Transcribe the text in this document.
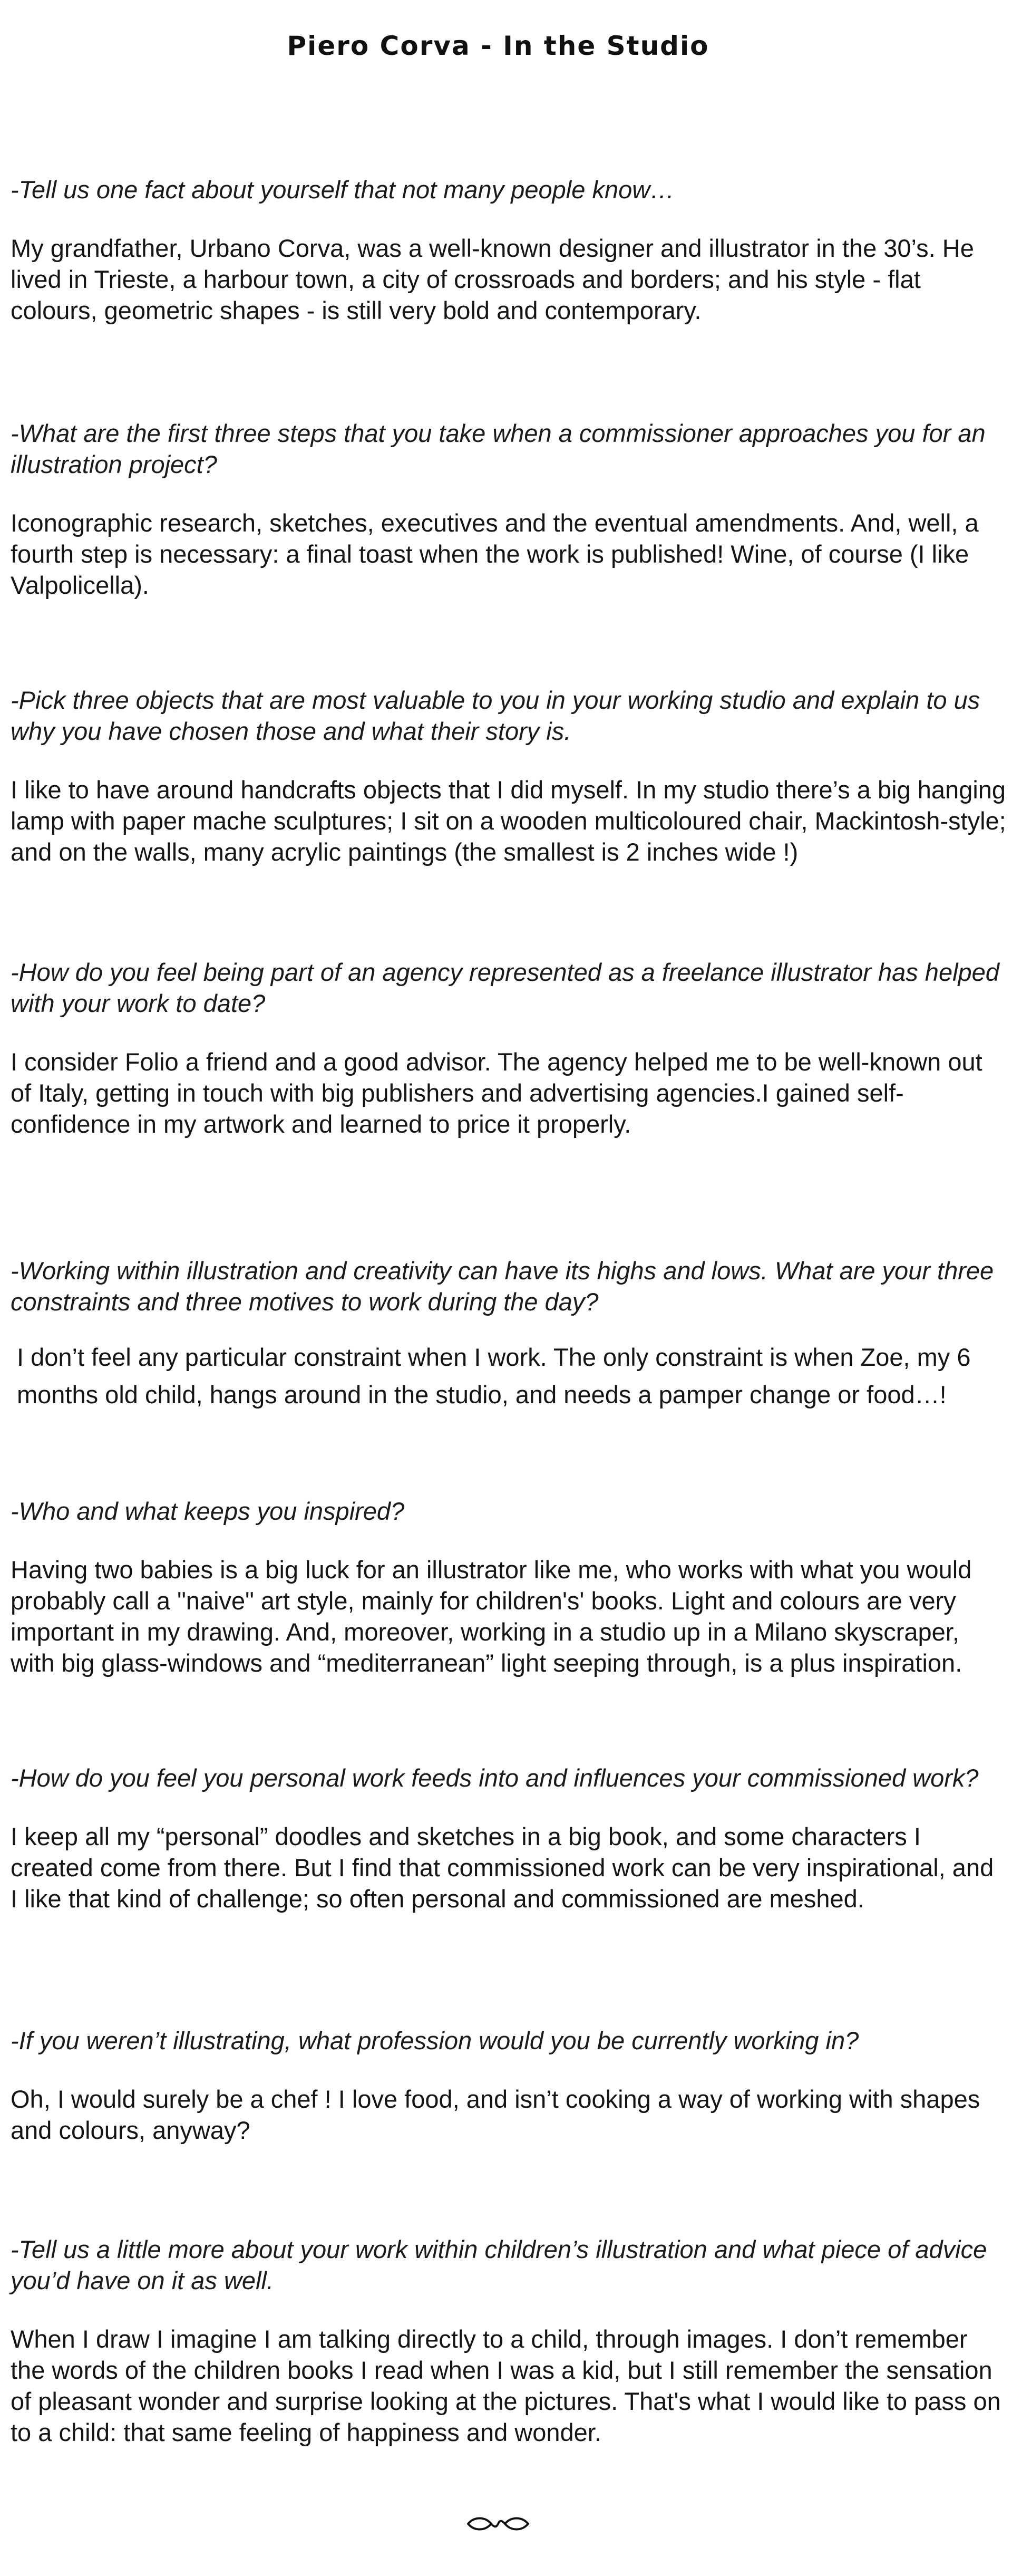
Piero Corva - In the Studio

-Tell us one fact about yourself that not many people know…

My grandfather, Urbano Corva, was a well-known designer and illustrator in the 30’s. He lived in Trieste, a harbour town, a city of crossroads and borders; and his style - flat colours, geometric shapes - is still very bold and contemporary.

-What are the first three steps that you take when a commissioner approaches you for an illustration project?

Iconographic research, sketches, executives and the eventual amendments. And, well, a fourth step is necessary: a final toast when the work is published! Wine, of course (I like Valpolicella).

-Pick three objects that are most valuable to you in your working studio and explain to us why you have chosen those and what their story is.

I like to have around handcrafts objects that I did myself. In my studio there’s a big hanging lamp with paper mache sculptures; I sit on a wooden multicoloured chair, Mackintosh-style; and on the walls, many acrylic paintings (the smallest is 2 inches wide !)

-How do you feel being part of an agency represented as a freelance illustrator has helped with your work to date?

I consider Folio a friend and a good advisor. The agency helped me to be well-known out of Italy, getting in touch with big publishers and advertising agencies.I gained self-confidence in my artwork and learned to price it properly.

-Working within illustration and creativity can have its highs and lows. What are your three constraints and three motives to work during the day?

I don’t feel any particular constraint when I work. The only constraint is when Zoe, my 6 months old child, hangs around in the studio, and needs a pamper change or food…!

-Who and what keeps you inspired?

Having two babies is a big luck for an illustrator like me, who works with what you would probably call a "naive" art style, mainly for children's' books. Light and colours are very important in my drawing. And, moreover, working in a studio up in a Milano skyscraper, with big glass-windows and “mediterranean” light seeping through, is a plus inspiration.

-How do you feel you personal work feeds into and influences your commissioned work?

I keep all my “personal” doodles and sketches in a big book, and some characters I created come from there. But I find that commissioned work can be very inspirational, and I like that kind of challenge; so often personal and commissioned are meshed.

-If you weren’t illustrating, what profession would you be currently working in?

Oh, I would surely be a chef ! I love food, and isn’t cooking a way of working with shapes and colours, anyway?

-Tell us a little more about your work within children’s illustration and what piece of advice you’d have on it as well.

When I draw I imagine I am talking directly to a child, through images. I don’t remember the words of the children books I read when I was a kid, but I still remember the sensation of pleasant wonder and surprise looking at the pictures. That's what I would like to pass on to a child: that same feeling of happiness and wonder.
